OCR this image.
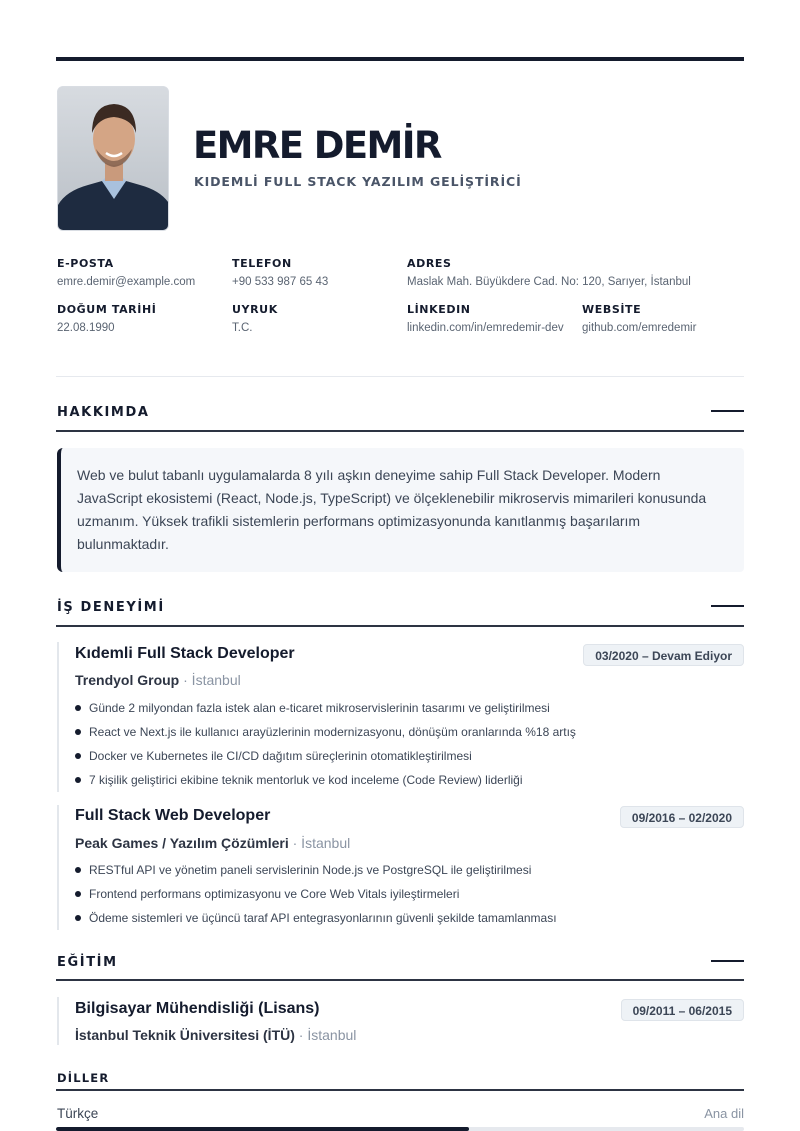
EMRE DEMİR
KIDEMLİ FULL STACK YAZILIM GELİŞTİRİCİ
E-POSTA
emre.demir@example.com
TELEFON
+90 533 987 65 43
ADRES
Maslak Mah. Büyükdere Cad. No: 120, Sarıyer, İstanbul
DOĞUM TARİHİ
22.08.1990
UYRUK
T.C.
LİNKEDIN
linkedin.com/in/emredemir-dev
WEBSİTE
github.com/emredemir
HAKKIMDA
Web ve bulut tabanlı uygulamalarda 8 yılı aşkın deneyime sahip Full Stack Developer. Modern JavaScript ekosistemi (React, Node.js, TypeScript) ve ölçeklenebilir mikroservis mimarileri konusunda uzmanım. Yüksek trafikli sistemlerin performans optimizasyonunda kanıtlanmış başarılarım bulunmaktadır.
İŞ DENEYİMİ
Kıdemli Full Stack Developer	03/2020 – Devam Ediyor
Trendyol Group · İstanbul
Günde 2 milyondan fazla istek alan e-ticaret mikroservislerinin tasarımı ve geliştirilmesi
React ve Next.js ile kullanıcı arayüzlerinin modernizasyonu, dönüşüm oranlarında %18 artış
Docker ve Kubernetes ile CI/CD dağıtım süreçlerinin otomatikleştirilmesi
7 kişilik geliştirici ekibine teknik mentorluk ve kod inceleme (Code Review) liderliği
Full Stack Web Developer	09/2016 – 02/2020
Peak Games / Yazılım Çözümleri · İstanbul
RESTful API ve yönetim paneli servislerinin Node.js ve PostgreSQL ile geliştirilmesi
Frontend performans optimizasyonu ve Core Web Vitals iyileştirmeleri
Ödeme sistemleri ve üçüncü taraf API entegrasyonlarının güvenli şekilde tamamlanması
EĞİTİM
Bilgisayar Mühendisliği (Lisans)	09/2011 – 06/2015
İstanbul Teknik Üniversitesi (İTÜ) · İstanbul
DİLLER
Türkçe	Ana dil
